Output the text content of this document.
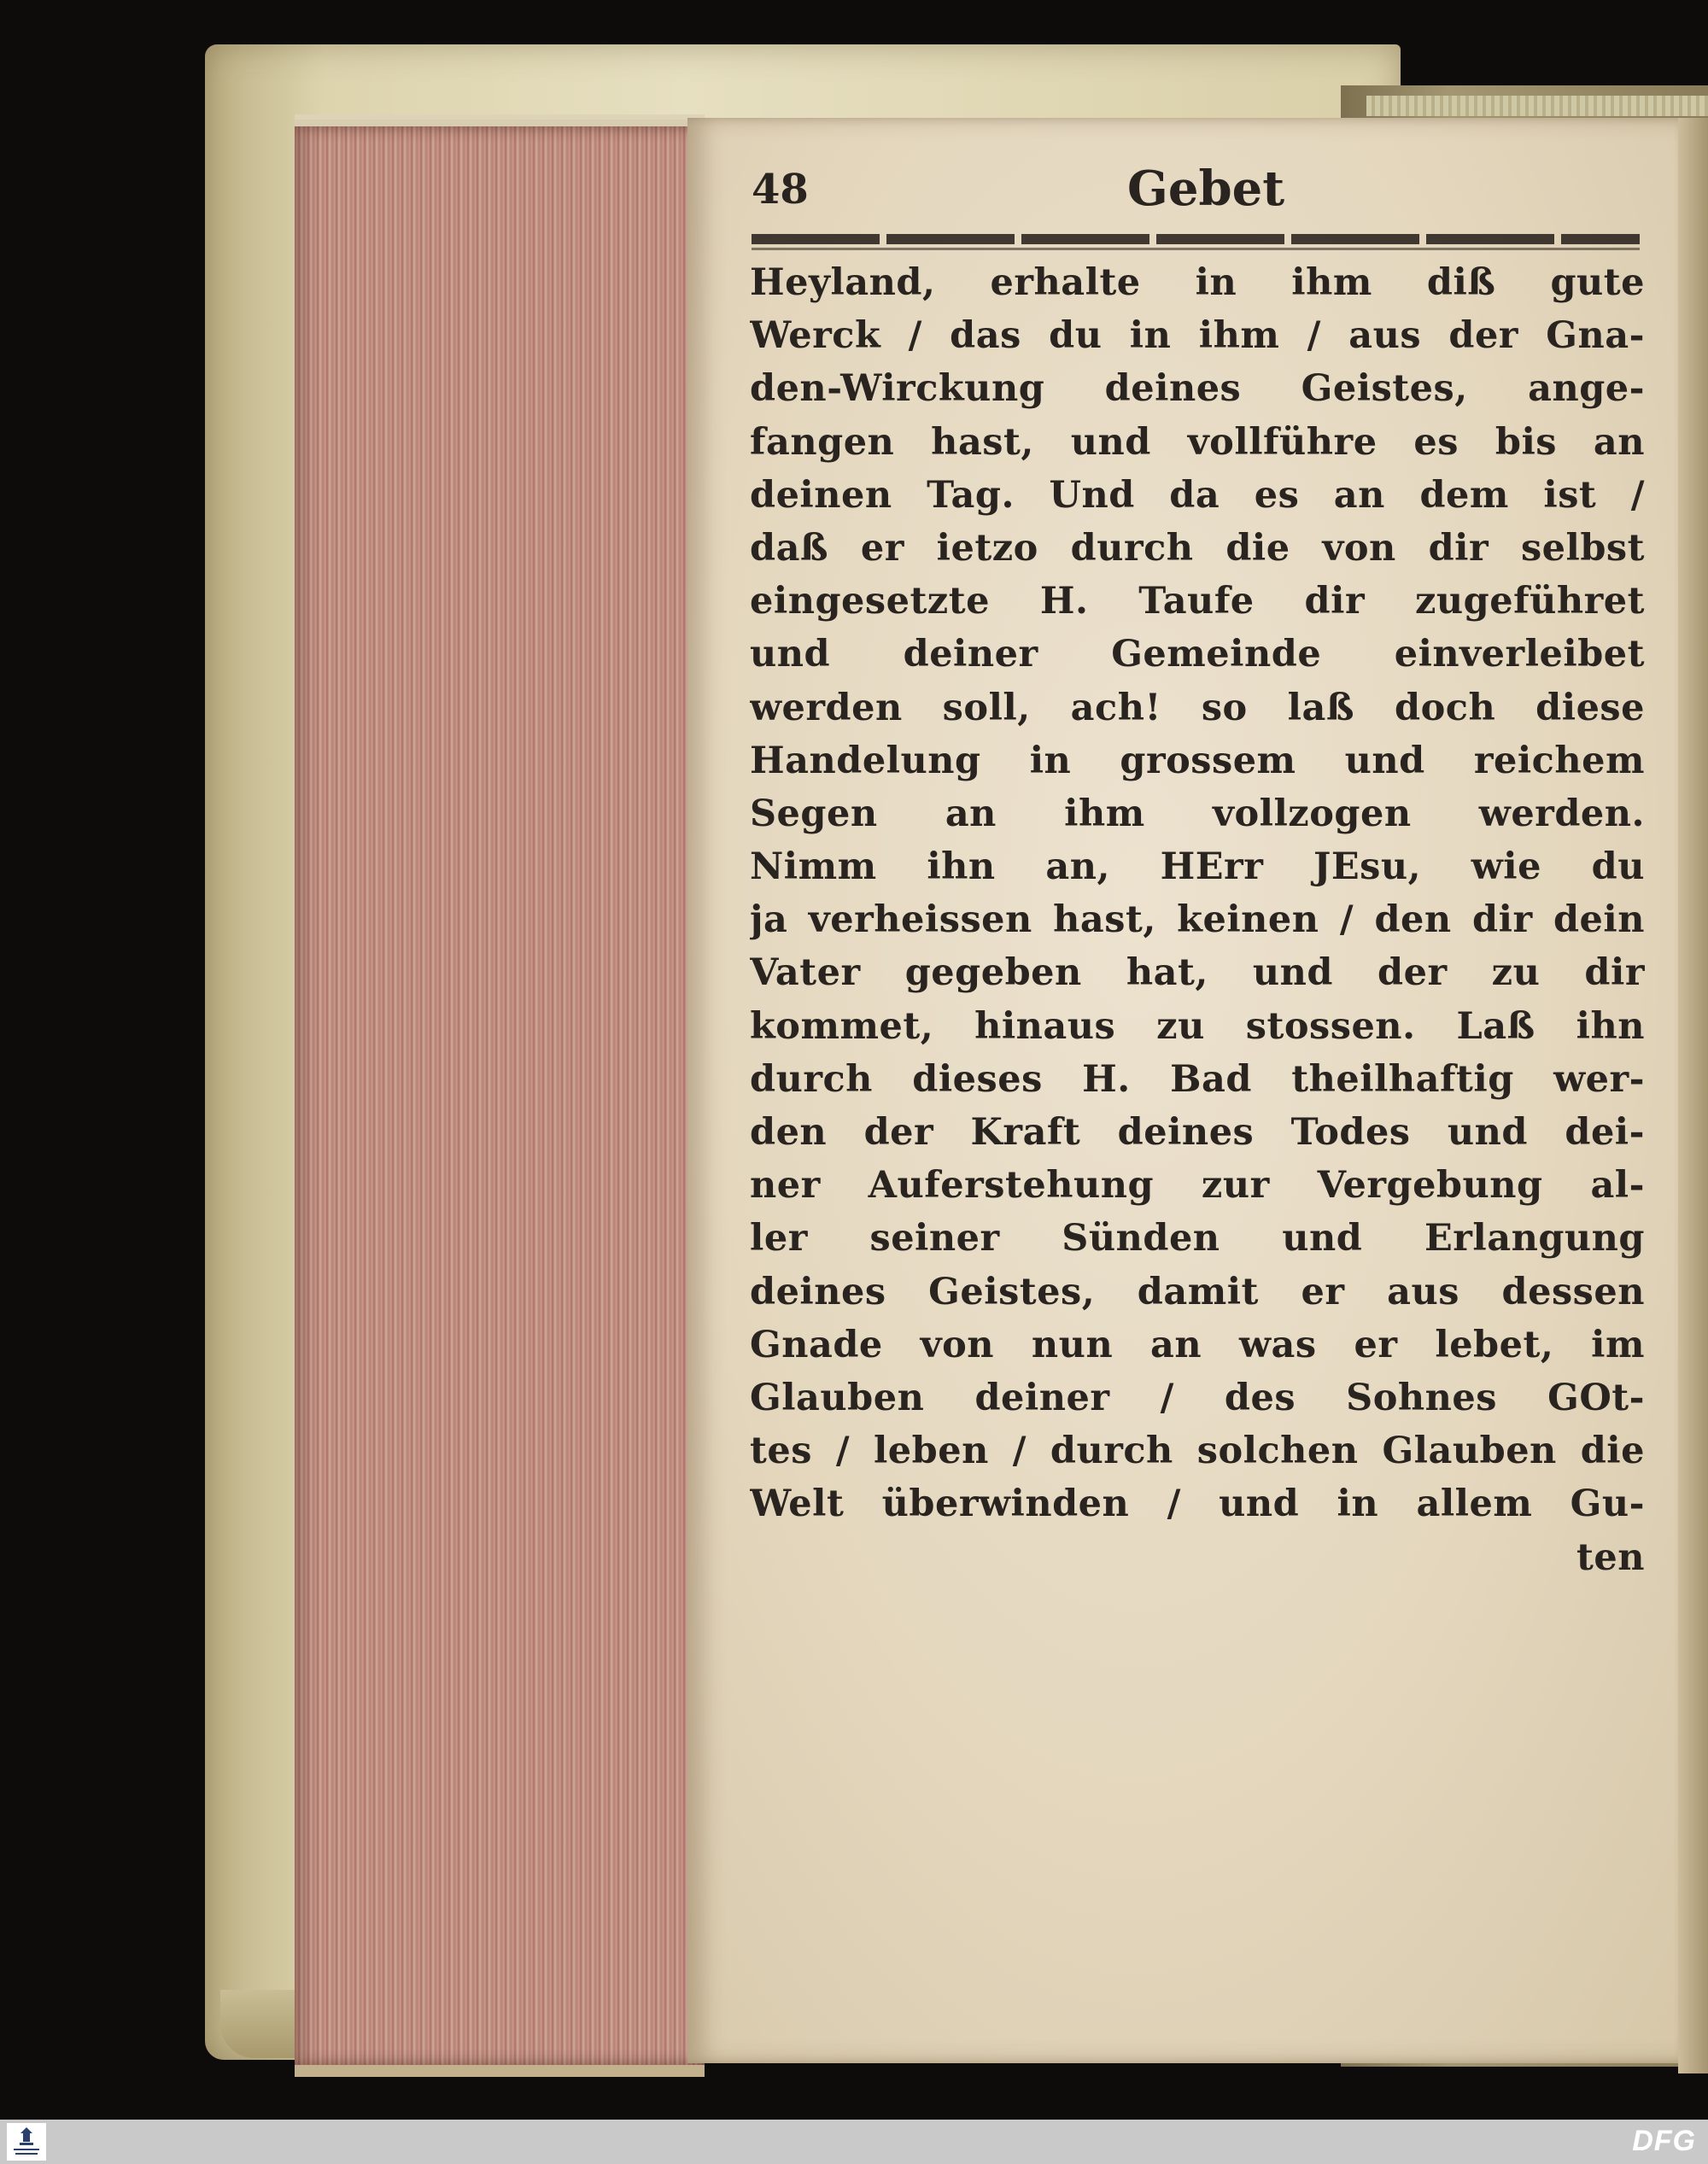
48	Gebet
Heyland, erhalte in ihm diß gute
Werck / das du in ihm / aus der Gna-
den-Wirckung deines Geistes, ange-
fangen hast, und vollführe es bis an
deinen Tag. Und da es an dem ist /
daß er ietzo durch die von dir selbst
eingesetzte H. Taufe dir zugeführet
und deiner Gemeinde einverleibet
werden soll, ach! so laß doch diese
Handelung in grossem und reichem
Segen an ihm vollzogen werden.
Nimm ihn an, HErr JEsu, wie du
ja verheissen hast, keinen / den dir dein
Vater gegeben hat, und der zu dir
kommet, hinaus zu stossen. Laß ihn
durch dieses H. Bad theilhaftig wer-
den der Kraft deines Todes und dei-
ner Auferstehung zur Vergebung al-
ler seiner Sünden und Erlangung
deines Geistes, damit er aus dessen
Gnade von nun an was er lebet, im
Glauben deiner / des Sohnes GOt-
tes / leben / durch solchen Glauben die
Welt überwinden / und in allem Gu-
ten
DFG
